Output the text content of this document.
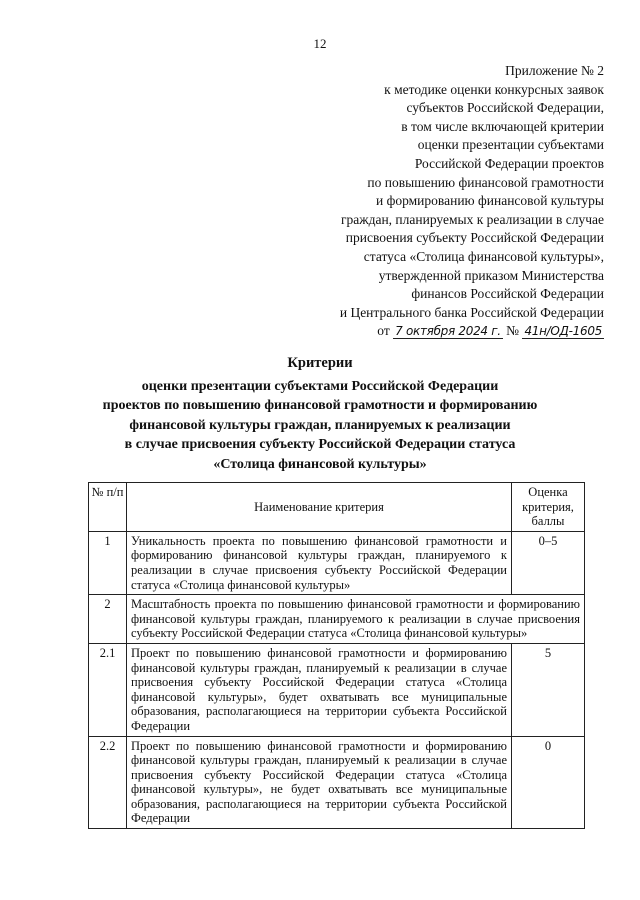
12
Приложение № 2
к методике оценки конкурсных заявок
субъектов Российской Федерации,
в том числе включающей критерии
оценки презентации субъектами
Российской Федерации проектов
по повышению финансовой грамотности
и формированию финансовой культуры
граждан, планируемых к реализации в случае
присвоения субъекту Российской Федерации
статуса «Столица финансовой культуры»,
утвержденной приказом Министерства
финансов Российской Федерации
и Центрального банка Российской Федерации
от 7 октября 2024 г. № 41н/ОД-1605
Критерии
оценки презентации субъектами Российской Федерации
проектов по повышению финансовой грамотности и формированию
финансовой культуры граждан, планируемых к реализации
в случае присвоения субъекту Российской Федерации статуса
«Столица финансовой культуры»
№ п/п	Наименование критерия	Оценка критерия, баллы
1	Уникальность проекта по повышению финансовой грамотности и формированию финансовой культуры граждан, планируемого к реализации в случае присвоения субъекту Российской Федерации статуса «Столица финансовой культуры»	0–5
2	Масштабность проекта по повышению финансовой грамотности и формированию финансовой культуры граждан, планируемого к реализации в случае присвоения субъекту Российской Федерации статуса «Столица финансовой культуры»	
2.1	Проект по повышению финансовой грамотности и формированию финансовой культуры граждан, планируемый к реализации в случае присвоения субъекту Российской Федерации статуса «Столица финансовой культуры», будет охватывать все муниципальные образования, располагающиеся на территории субъекта Российской Федерации	5
2.2	Проект по повышению финансовой грамотности и формированию финансовой культуры граждан, планируемый к реализации в случае присвоения субъекту Российской Федерации статуса «Столица финансовой культуры», не будет охватывать все муниципальные образования, располагающиеся на территории субъекта Российской Федерации	0
